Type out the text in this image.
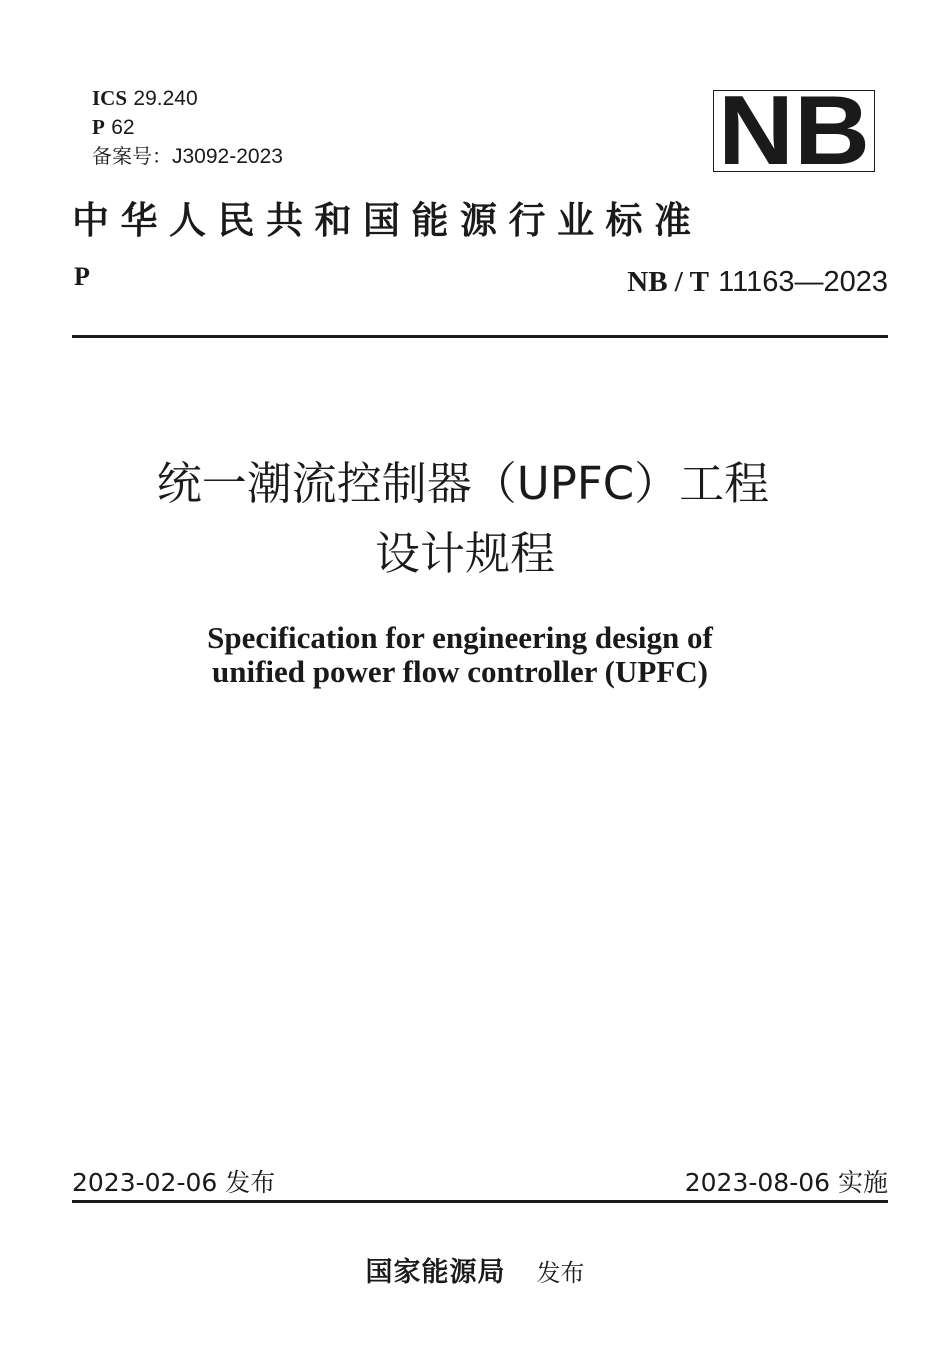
ICS 29.240
P 62
备案号：J3092-2023	NB
中华人民共和国能源行业标准
P	NB / T 11163—2023
统一潮流控制器（UPFC）工程
设计规程
Specification for engineering design of
unified power flow controller (UPFC)
2023-02-06 发布	2023-08-06 实施
国家能源局 发布
